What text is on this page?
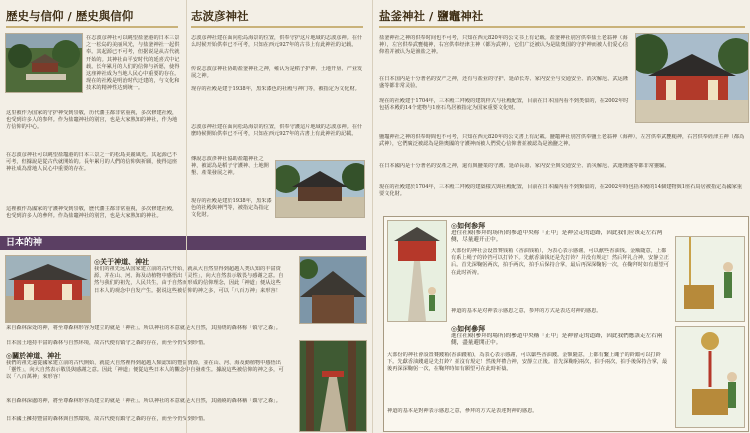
歴史与信仰 / 歴史與信仰
在志波彦神社可以眺望盐釜港的日本三景之一松岛的美丽风光，与盐釜神社一起供奉。其起源已不可考，但据说是从古代就开始的。其神社由平安时代的延喜式中记载。长年累月的人们的信仰与祈愿，使得这座神社成为当地人民心中重要的存在。现在的社殿是明治时代迁建的，与文化和技术的精神性达到统一。
这里被作为国家的守护神受到崇敬，历代藩主都非常重视，多次修建社殿，也受到许多人的参拜。作为盐竈神社的别宫，也是大家熟知的神社，作为地方信仰的中心。
在志波彦神社可以眺望盐竈港的日本三景之一的松島美麗風光。其起源已不可考，但據說是從古代就開始的。長年累月的人們的信仰與祈願，使得這座神社成為當地人民心中重要的存在。
這裡被作為國家的守護神受到崇敬，歷代藩主都非常重視，多次修建社殿，也受到許多人的參拜。作為盐竈神社的別宮，也是大家熟知的神社。
日本的神
◎关于神道、神社
我们的祖先远从国家建立前的古代开始，就从大自然里得到超越人类认知的丰富资源，并在山、河、海及动植物中感悟出「灵性」，向大自然表示敬畏与感谢之意。自然与我们的祖先，人民共生，由于自然而形成的信仰理念，因此「神道」便从这些日本人的观念中自发产生。据说这些被信仰的神之多，可以「八百万神」来形容！
来自森林深处的神，将至尊森林形容为建立的就是「神社」。所以神社的本意就是大自然，其围绕的森林称「镇守之森」。
日本国土地持丰富的森林与自然环境，故古代便有镇守之森的存在，而至今仍受到珍惜。
◎關於神道、神社
我們的祖先遠從國家建立前的古代開始，就從大自然裡得到超越人類認知的豐富資源，並在山、河、海及動植物中感悟出「靈性」，向大自然表示敬畏與感謝之意。因此「神道」便從這些日本人的觀念中自發產生。據說這些被信仰的神之多，可以「八百萬神」來形容！
來自森林深處的神，將至尊森林形容為建立的就是「神社」。所以神社的本意就是大自然，其圍繞的森林稱「鎮守之森」。
日本國土擁持豐富的森林與自然環境，故古代便有鎮守之森的存在，而至今仍受到珍惜。
志波彦神社
志波彦神社建在面向松岛海景的位置，供奉守护这片地域的志波彦神。在什么时候开始供奉已不可考，只知在西元927年的古书上有此神社的记载。
传说志波彦神社协助盐釜神社之神，雍认为是稻子护神、土地开垦、产业发展之神。
现存的社殿是建于1938年，黑朱漆色的社殿与神门等，被指定为文化财。
志波彦神社建在面向松島海景的位置，供奉守護這片地域的志波彦神。在什麼時候開始供奉已不可考，只知在西元927年的古書上有此神社的記載。
傳說志波彥神社協助盐竈神社之神，被認為是稻子守護神、土地開墾、產業發展之神。
現存的社殿是建於1938年，黑朱漆色的社殿與神門等，被指定為指定文化財。
盐釜神社 / 鹽竈神社
盐釜神社之神的供奉时间也不可考，只知在西元820年的公文书上有记载。盐釜神社别宫供奉盐土老翁神（海神），左宫供奉武甕槌神，右宫供奉经津主神（都为武神），它们广泛被认为是陆奥国的守护神而被人们爱心信仰着并被认为是渔盐之神。
在日本国内是十分著名的安产之神，还有与盐业的守护、延命长寿、家内安全与交通安全、消灾解厄、武运隆盛等都非常灵验。
现在的社殿建于1704年，三本殿二拜殿的建筑样式与社殿配置，目前在日本国内看不到类似的，在2002年时包括本殿的14个建物与1座石鸟居被指定为国家重要文化财。
鹽竈神社之神的供奉時間也不可考，只知在西元820年的公文書上有記載。鹽竈神社別宮供奉鹽土老翁神（海神），左宮供奉武甕槌神，右宮供奉經津主神（都為武神），它們廣泛被認為是陸奧國的守護神而被人們愛心信仰著並被認為是漁鹽之神。
在日本國內是十分著名的安產之神，還有與鹽業的守護、延命長壽、家內安全與交通安全、消災解厄、武運隆盛等都非常靈驗。
現在的社殿建於1704年，三本殿二拜殿的建築樣式與社殿配置，目前在日本國內看不到類似的，在2002年時包括本殿的14個建物與1座石鳥居被指定為國家重要文化財。
◎如何参拜
进往社殿(参拜的场所)的参道中央称「正中」是神会走的道路，因此我们应该走左右两侧，尽量避开正中。
大部份的神社会设置赛钱箱（香油钱箱），为表心表示感谢，可以献些香油钱。金额随意，上都有系上绳子的铃铛可以打铃下。先献香油钱还是先打铃？并没有规定！然后拜礼合神，安静立正后。首先深鞠躬两次，拍手两次，拍手后保持合掌，最后再深深鞠躬一次，在鞠拜时如有愿望可在此时祈祷。
神道的基本是对神表示感恩之意，参拜的方式是表达对神的感恩。
◎如何參拜
進往社殿(參拜的場所)的參道中央稱「正中」是神會走的道路，因此我們應該走左右兩側，盡量避開正中。
大部份的神社會設置賽錢箱(香油錢箱)，為表心表示感謝，可以獻些香油錢。金額隨意，上都有繫上繩子的鈴鐺可以打鈴下。先獻香油錢還是先打鈴？並沒有規定！然後拜禮合神，安靜立正後。首先深鞠躬兩次，拍手兩次，拍手後保持合掌，最後再深深鞠躬一次，在鞠拜時如有願望可在此時祈禱。
神道的基本是對神表示感恩之意，參拜的方式是表達對神的感恩。
